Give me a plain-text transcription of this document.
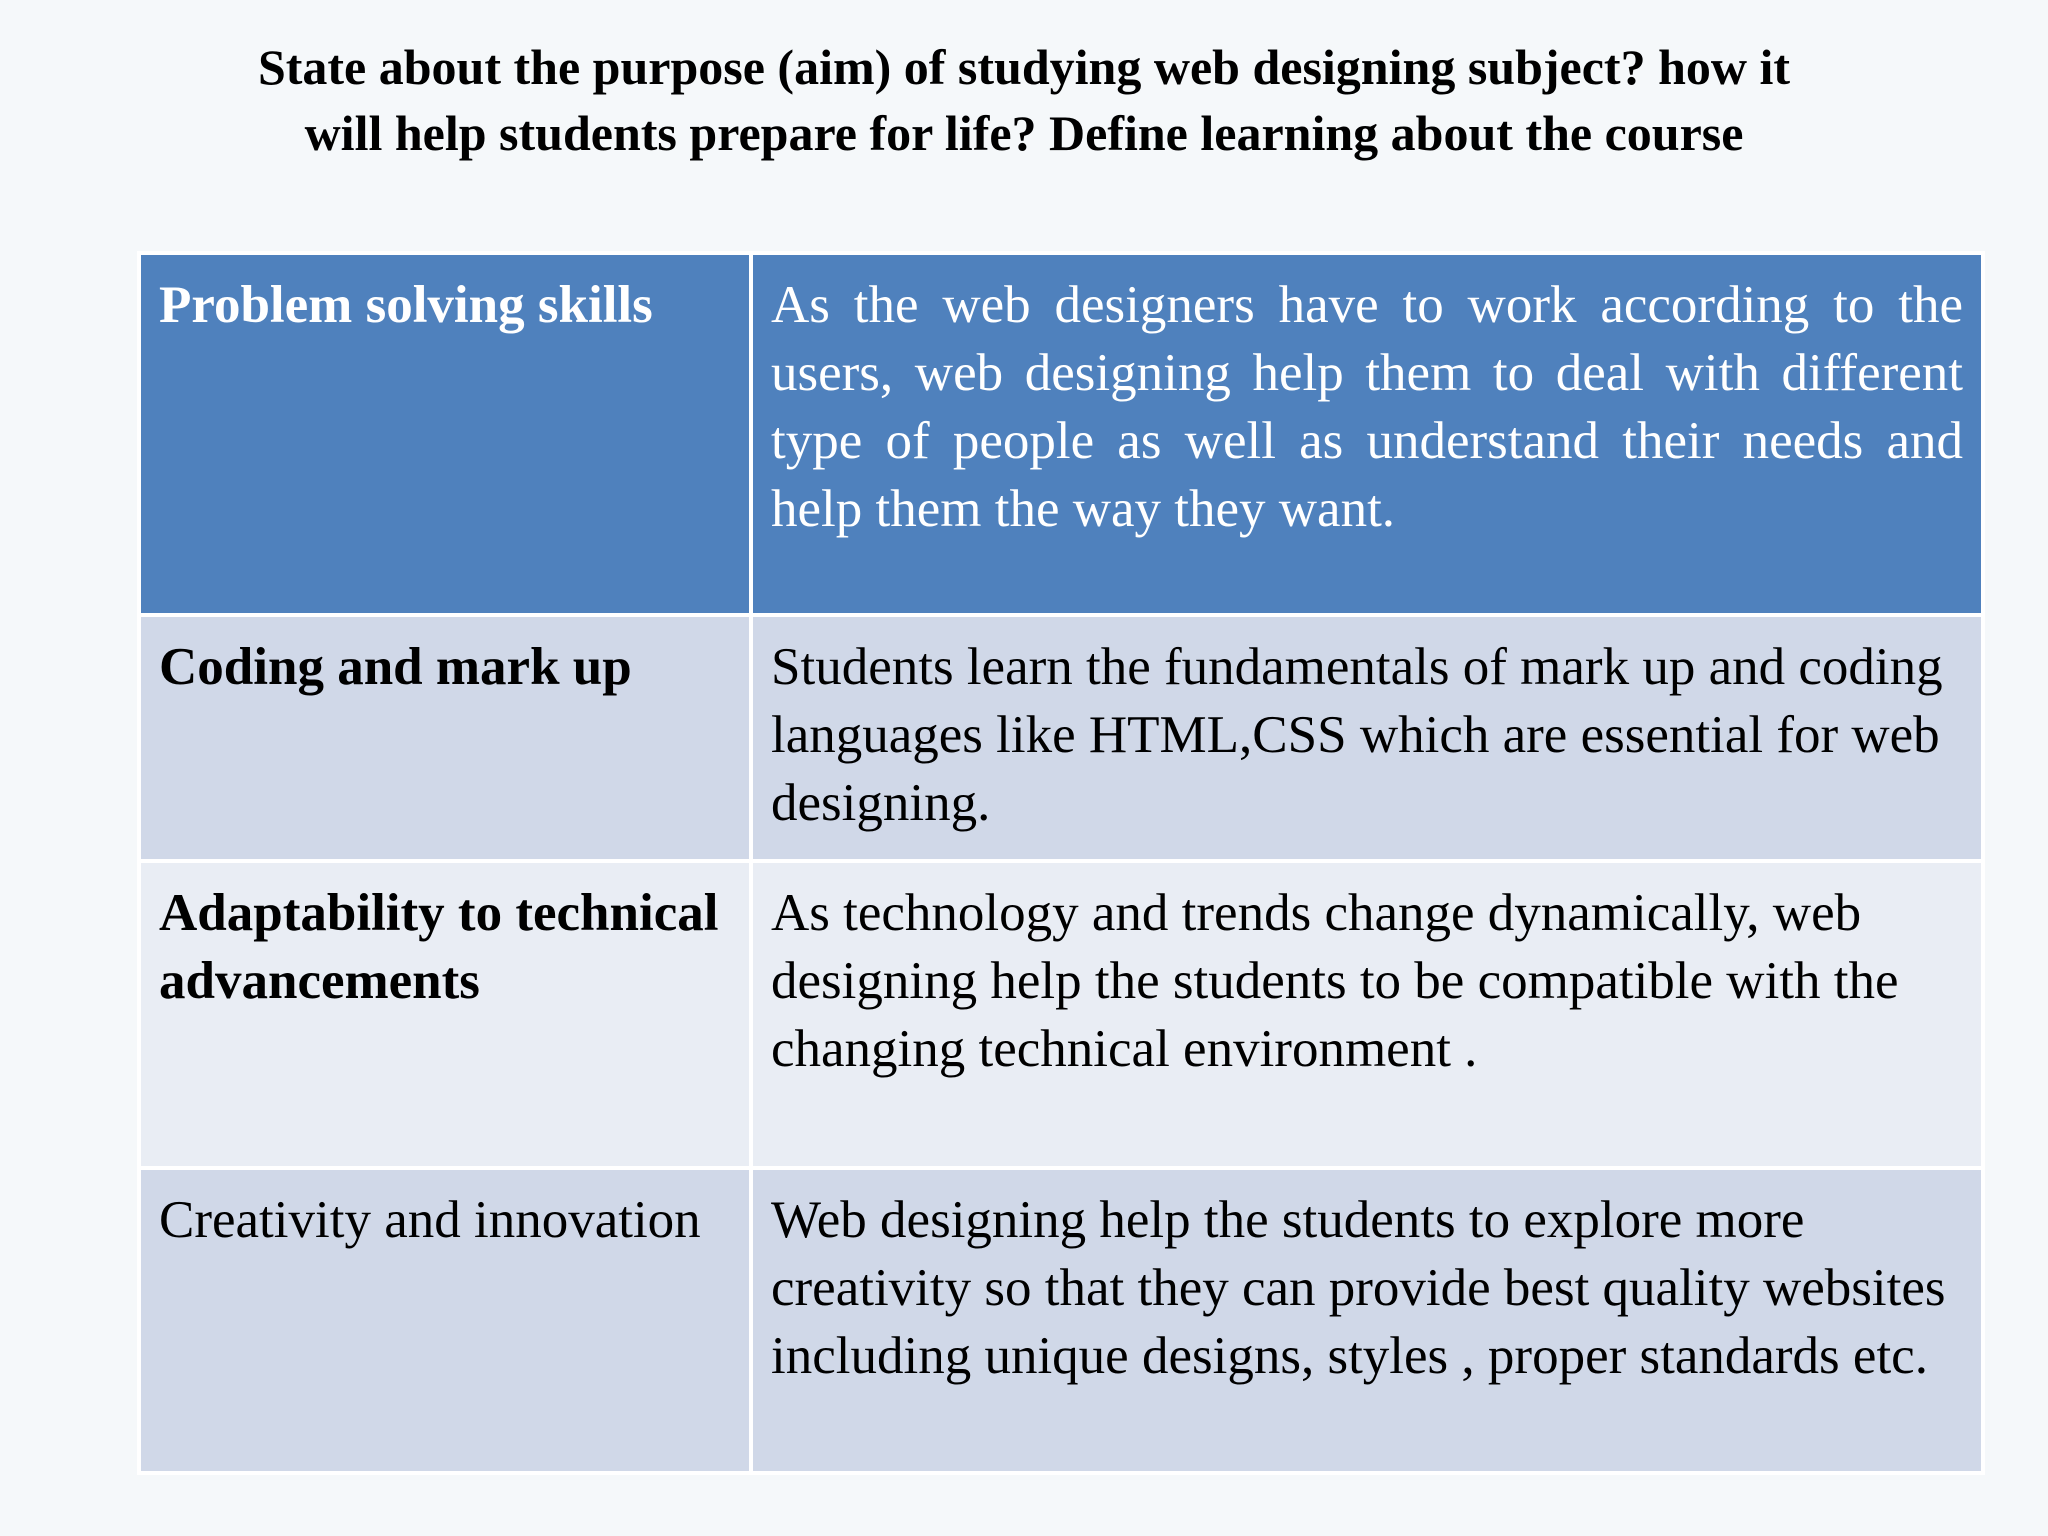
State about the purpose (aim) of studying web designing subject? how it
will help students prepare for life? Define learning about the course
Problem solving skills	As the web designers have to work according to the users, web designing help them to deal with different type of people as well as understand their needs and help them the way they want.
Coding and mark up	Students learn the fundamentals of mark up and coding languages like HTML,CSS which are essential for web designing.
Adaptability to technical advancements	As technology and trends change dynamically, web designing help the students to be compatible with the changing technical environment .
Creativity and innovation	Web designing help the students to explore more creativity so that they can provide best quality websites including unique designs, styles , proper standards etc.
